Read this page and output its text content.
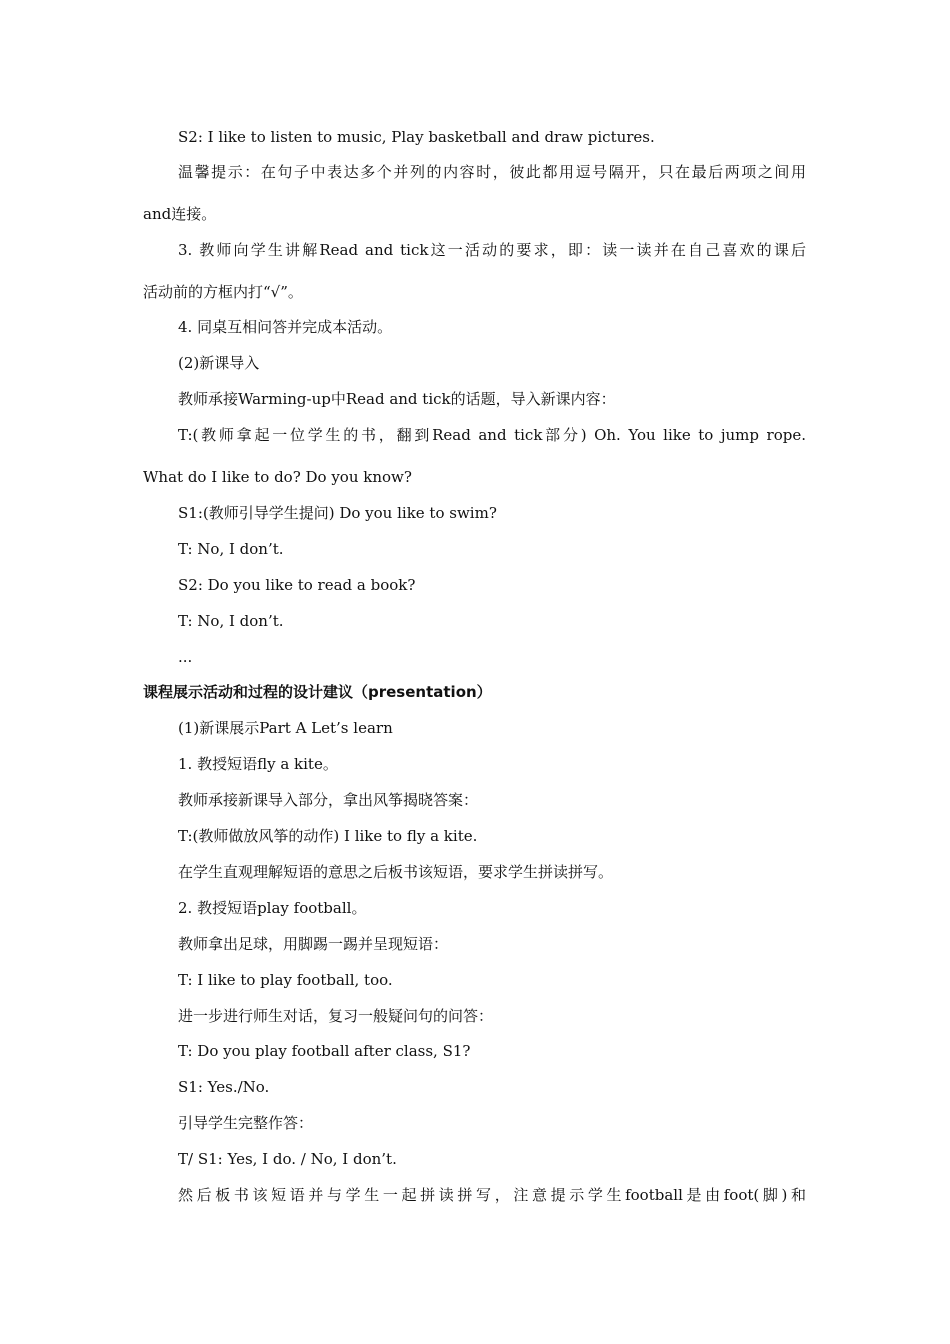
S2: I like to listen to music, Play basketball and draw pictures.
温馨提示：在句子中表达多个并列的内容时，彼此都用逗号隔开，只在最后两项之间用
and连接。
3. 教师向学生讲解Read and tick这一活动的要求，即：读一读并在自己喜欢的课后
活动前的方框内打“√”。
4. 同桌互相问答并完成本活动。
(2)新课导入
教师承接Warming-up中Read and tick的话题，导入新课内容：
T:(教师拿起一位学生的书，翻到Read and tick部分) Oh. You like to jump rope.
What do I like to do? Do you know?
S1:(教师引导学生提问) Do you like to swim?
T: No, I don’t.
S2: Do you like to read a book?
T: No, I don’t.
...
课程展示活动和过程的设计建议（presentation）
(1)新课展示Part A Let’s learn
1. 教授短语fly a kite。
教师承接新课导入部分，拿出风筝揭晓答案：
T:(教师做放风筝的动作) I like to fly a kite.
在学生直观理解短语的意思之后板书该短语，要求学生拼读拼写。
2. 教授短语play football。
教师拿出足球，用脚踢一踢并呈现短语：
T: I like to play football, too.
进一步进行师生对话，复习一般疑问句的问答：
T: Do you play football after class, S1?
S1: Yes./No.
引导学生完整作答：
T/ S1: Yes, I do. / No, I don’t.
然后板书该短语并与学生一起拼读拼写，注意提示学生football是由foot(脚)和
